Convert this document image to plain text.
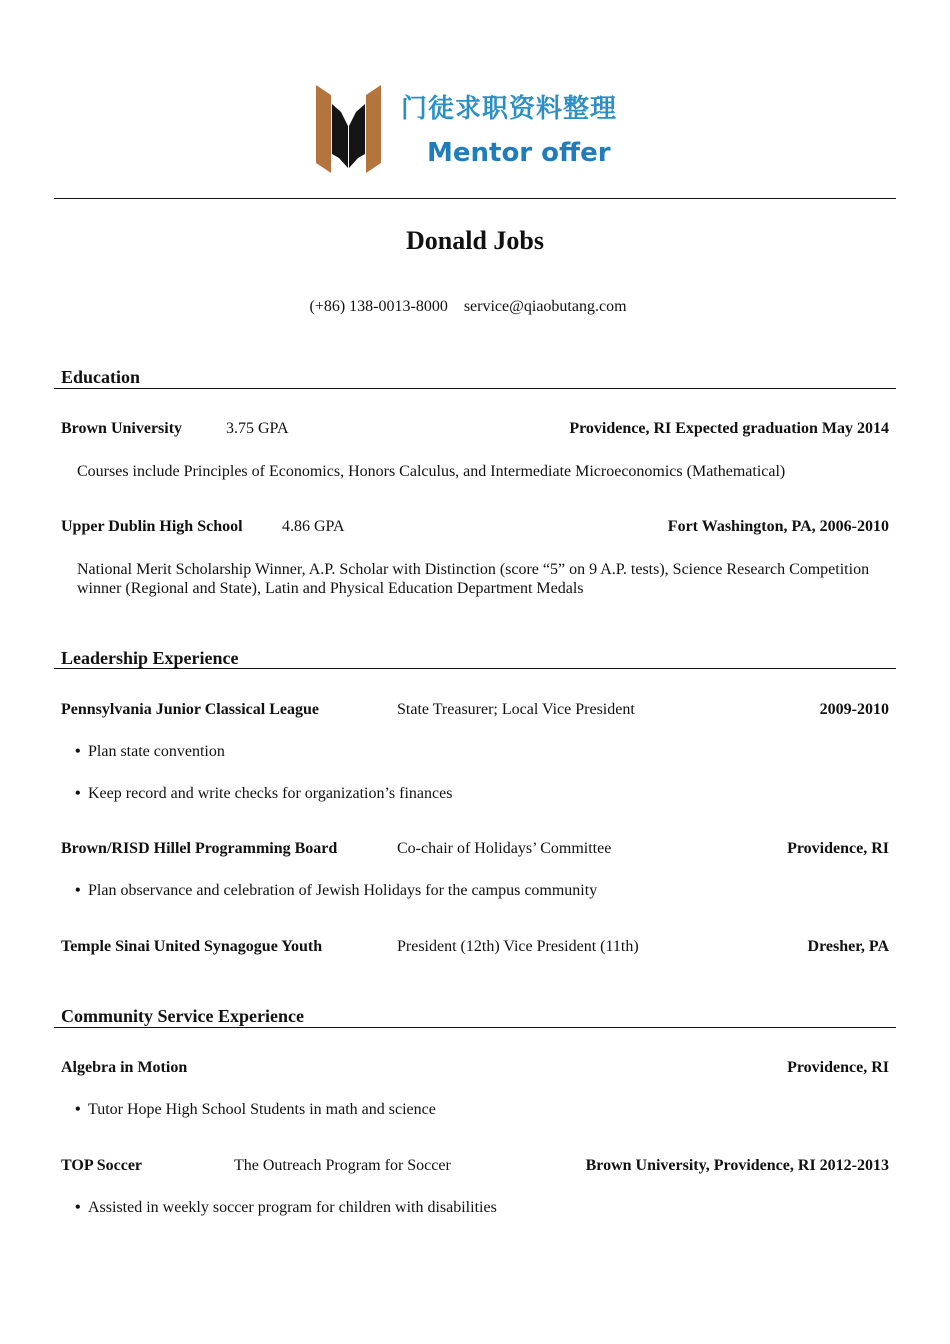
门徒求职资料整理
Mentor offer
Donald Jobs
(+86) 138-0013-8000 service@qiaobutang.com
Education
Brown University	3.75 GPA	Providence, RI Expected graduation May 2014
Courses include Principles of Economics, Honors Calculus, and Intermediate Microeconomics (Mathematical)
Upper Dublin High School 4.86 GPA	Fort Washington, PA, 2006-2010
National Merit Scholarship Winner, A.P. Scholar with Distinction (score “5” on 9 A.P. tests), Science Research Competition winner (Regional and State), Latin and Physical Education Department Medals
Leadership Experience
Pennsylvania Junior Classical League	State Treasurer; Local Vice President	2009-2010
• Plan state convention
• Keep record and write checks for organization’s finances
Brown/RISD Hillel Programming Board	Co-chair of Holidays’ Committee	Providence, RI
• Plan observance and celebration of Jewish Holidays for the campus community
Temple Sinai United Synagogue Youth	President (12th) Vice President (11th)	Dresher, PA
Community Service Experience
Algebra in Motion	Providence, RI
• Tutor Hope High School Students in math and science
TOP Soccer	The Outreach Program for Soccer	Brown University, Providence, RI 2012-2013
• Assisted in weekly soccer program for children with disabilities
